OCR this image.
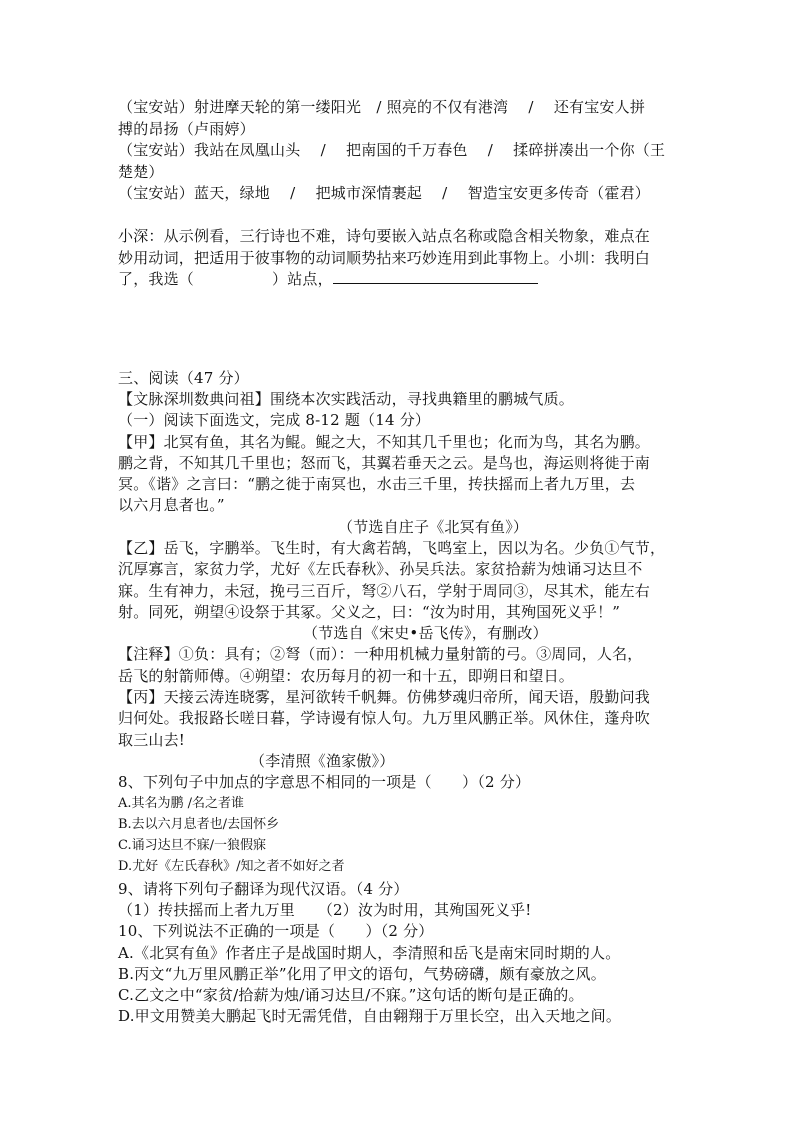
（宝安站）射进摩天轮的第一缕阳光　/ 照亮的不仅有港湾　 /　 还有宝安人拼
搏的昂扬（卢雨婷）
（宝安站）我站在凤凰山头　 /　 把南国的千万春色　 /　 揉碎拼凑出一个你（王
楚楚）
（宝安站）蓝天，绿地　 /　 把城市深情裹起　 /　 智造宝安更多传奇（霍君）
小深：从示例看，三行诗也不难，诗句要嵌入站点名称或隐含相关物象，难点在
妙用动词，把适用于彼事物的动词顺势拈来巧妙连用到此事物上。小圳：我明白
了，我选（	）站点，
三、阅读（47 分）
【文脉深圳数典问祖】围绕本次实践活动，寻找典籍里的鹏城气质。
（一）阅读下面选文，完成 8-12 题（14 分）
【甲】北冥有鱼，其名为鲲。鲲之大，不知其几千里也；化而为鸟，其名为鹏。
鹏之背，不知其几千里也；怒而飞，其翼若垂天之云。是鸟也，海运则将徙于南
冥。《谐》之言曰：“鹏之徙于南冥也，水击三千里，抟扶摇而上者九万里，去
以六月息者也。”
（节选自庄子《北冥有鱼》）
【乙】岳飞，字鹏举。飞生时，有大禽若鹄，飞鸣室上，因以为名。少负①气节，
沉厚寡言，家贫力学，尤好《左氏春秋》、孙吴兵法。家贫拾薪为烛诵习达旦不
寐。生有神力，未冠，挽弓三百斤，弩②八石，学射于周同③，尽其术，能左右
射。同死，朔望④设祭于其冢。父义之，曰：“汝为时用，其殉国死义乎！”
（节选自《宋史•岳飞传》，有删改）
【注释】①负：具有；②弩（而）：一种用机械力量射箭的弓。③周同，人名，
岳飞的射箭师傅。④朔望：农历每月的初一和十五，即朔日和望日。
【丙】天接云涛连晓雾，星河欲转千帆舞。仿佛梦魂归帝所，闻天语，殷勤问我
归何处。我报路长嗟日暮，学诗谩有惊人句。九万里风鹏正举。风休住，蓬舟吹
取三山去!
（李清照《渔家傲》）
8、下列句子中加点的字意思不相同的一项是（　　）（2 分）
A.其名为鹏 /名之者谁
B.去以六月息者也/去国怀乡
C.诵习达旦不寐/一狼假寐
D.尤好《左氏春秋》/知之者不如好之者
9、请将下列句子翻译为现代汉语。（4 分）
（1）抟扶摇而上者九万里　　（2）汝为时用，其殉国死义乎!
10、下列说法不正确的一项是（　　）（2 分）
A.《北冥有鱼》作者庄子是战国时期人，李清照和岳飞是南宋同时期的人。
B.丙文“九万里风鹏正举”化用了甲文的语句，气势磅礴，颇有豪放之风。
C.乙文之中“家贫/拾薪为烛/诵习达旦/不寐。”这句话的断句是正确的。
D.甲文用赞美大鹏起飞时无需凭借，自由翱翔于万里长空，出入天地之间。
